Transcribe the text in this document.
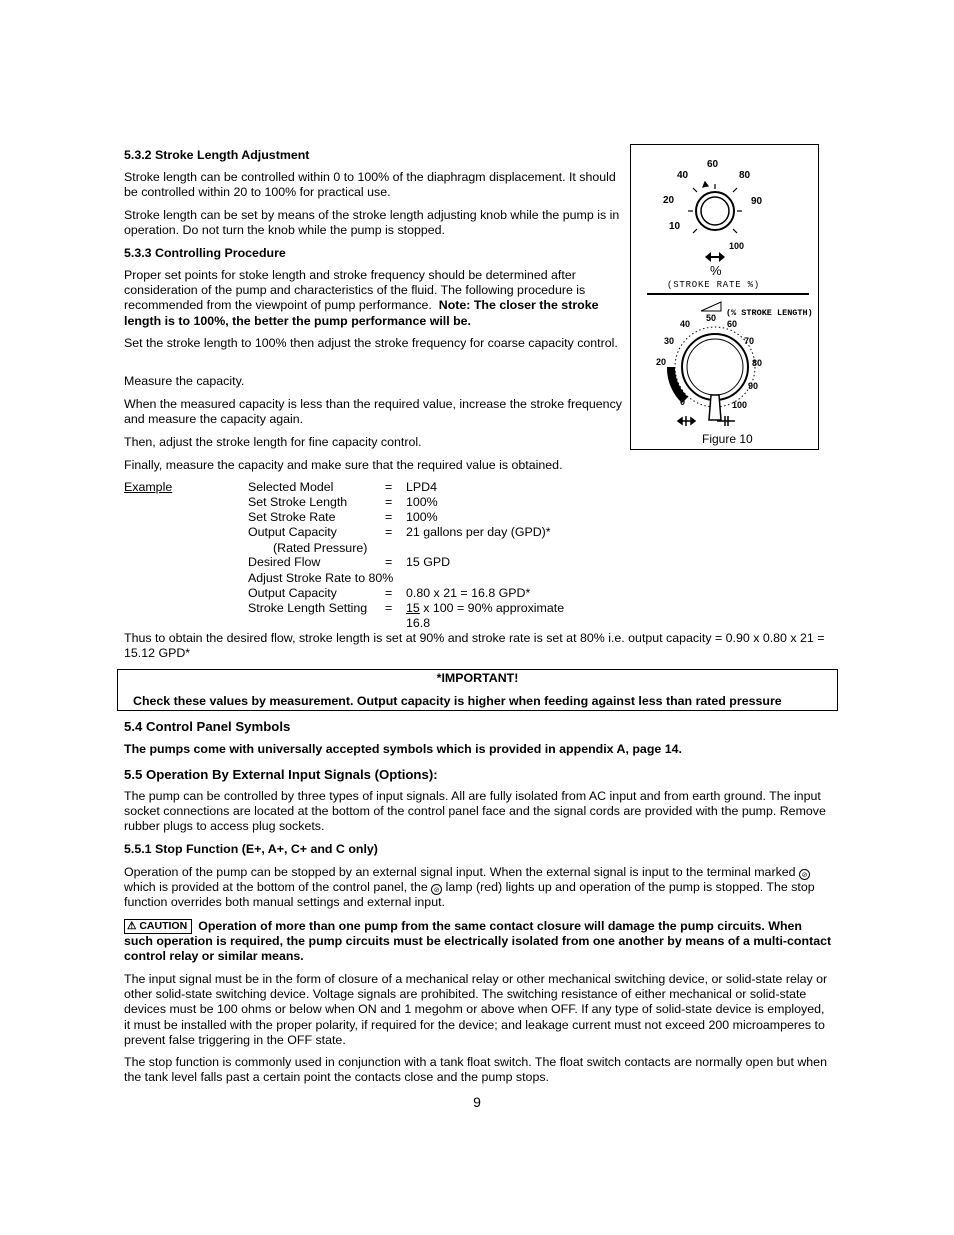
5.3.2 Stroke Length Adjustment
Stroke length can be controlled within 0 to 100% of the diaphragm displacement. It should be controlled within 20 to 100% for practical use.
Stroke length can be set by means of the stroke length adjusting knob while the pump is in operation. Do not turn the knob while the pump is stopped.
5.3.3 Controlling Procedure
Proper set points for stoke length and stroke frequency should be determined after consideration of the pump and characteristics of the fluid. The following procedure is recommended from the viewpoint of pump performance. Note: The closer the stroke length is to 100%, the better the pump performance will be.
Set the stroke length to 100% then adjust the stroke frequency for coarse capacity control.
Measure the capacity.
When the measured capacity is less than the required value, increase the stroke frequency and measure the capacity again.
Then, adjust the stroke length for fine capacity control.
Finally, measure the capacity and make sure that the required value is obtained.
60
40	80
20	90
10
100
%
(STROKE RATE %)
(% STROKE LENGTH)
50
40	60
30	70
20	80
90
0	100
Figure 10
Example	Selected Model	= LPD4
Set Stroke Length	= 100%
Set Stroke Rate	= 100%
Output Capacity	= 21 gallons per day (GPD)*
(Rated Pressure)
Desired Flow	= 15 GPD
Adjust Stroke Rate to 80%
Output Capacity	= 0.80 x 21 = 16.8 GPD*
Stroke Length Setting = 15 x 100 = 90% approximate
16.8
Thus to obtain the desired flow, stroke length is set at 90% and stroke rate is set at 80% i.e. output capacity = 0.90 x 0.80 x 21 = 15.12 GPD*
*IMPORTANT!
Check these values by measurement. Output capacity is higher when feeding against less than rated pressure
5.4 Control Panel Symbols
The pumps come with universally accepted symbols which is provided in appendix A, page 14.
5.5 Operation By External Input Signals (Options):
The pump can be controlled by three types of input signals. All are fully isolated from AC input and from earth ground. The input socket connections are located at the bottom of the control panel face and the signal cords are provided with the pump. Remove rubber plugs to access plug sockets.
5.5.1 Stop Function (E+, A+, C+ and C only)
Operation of the pump can be stopped by an external signal input. When the external signal is input to the terminal marked ⊘ which is provided at the bottom of the control panel, the ⊘ lamp (red) lights up and operation of the pump is stopped. The stop function overrides both manual settings and external input.
⚠ CAUTION Operation of more than one pump from the same contact closure will damage the pump circuits. When such operation is required, the pump circuits must be electrically isolated from one another by means of a multi-contact control relay or similar means.
The input signal must be in the form of closure of a mechanical relay or other mechanical switching device, or solid-state relay or other solid-state switching device. Voltage signals are prohibited. The switching resistance of either mechanical or solid-state devices must be 100 ohms or below when ON and 1 megohm or above when OFF. If any type of solid-state device is employed, it must be installed with the proper polarity, if required for the device; and leakage current must not exceed 200 microamperes to prevent false triggering in the OFF state.
The stop function is commonly used in conjunction with a tank float switch. The float switch contacts are normally open but when the tank level falls past a certain point the contacts close and the pump stops.
9
